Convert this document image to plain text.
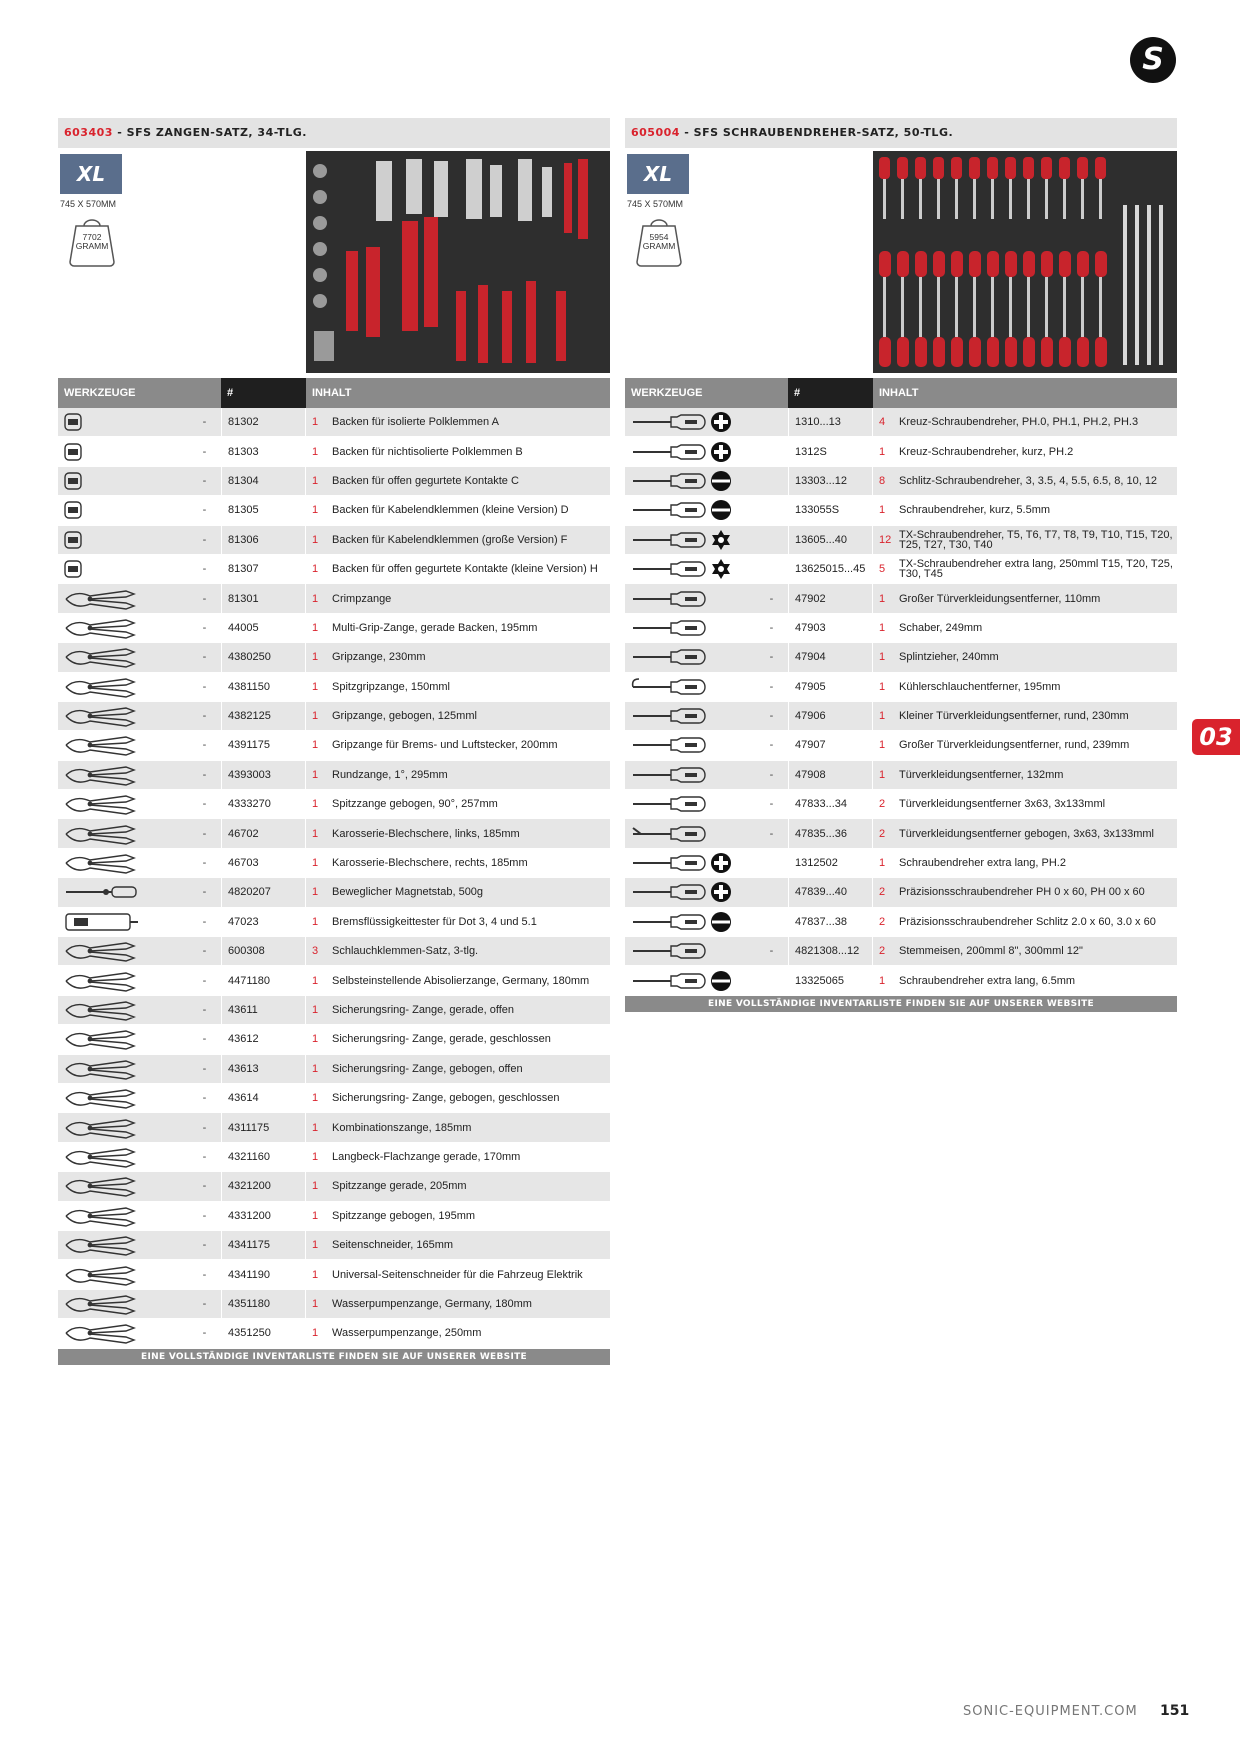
S
03
603403 - SFS ZANGEN-SATZ, 34-TLG.
XL
745 X 570MM
7702
GRAMM
WERKZEUGE	#	INHALT
-	81302	1	Backen für isolierte Polklemmen A
-	81303	1	Backen für nichtisolierte Polklemmen B
-	81304	1	Backen für offen gegurtete Kontakte C
-	81305	1	Backen für Kabelendklemmen (kleine Version) D
-	81306	1	Backen für Kabelendklemmen (große Version) F
-	81307	1	Backen für offen gegurtete Kontakte (kleine Version) H
-	81301	1	Crimpzange
-	44005	1	Multi-Grip-Zange, gerade Backen, 195mm
-	4380250	1	Gripzange, 230mm
-	4381150	1	Spitzgripzange, 150mml
-	4382125	1	Gripzange, gebogen, 125mml
-	4391175	1	Gripzange für Brems- und Luftstecker, 200mm
-	4393003	1	Rundzange, 1°, 295mm
-	4333270	1	Spitzzange gebogen, 90°, 257mm
-	46702	1	Karosserie-Blechschere, links, 185mm
-	46703	1	Karosserie-Blechschere, rechts, 185mm
-	4820207	1	Beweglicher Magnetstab, 500g
-	47023	1	Bremsflüssigkeittester für Dot 3, 4 und 5.1
-	600308	3	Schlauchklemmen-Satz, 3-tlg.
-	4471180	1	Selbsteinstellende Abisolierzange, Germany, 180mm
-	43611	1	Sicherungsring- Zange, gerade, offen
-	43612	1	Sicherungsring- Zange, gerade, geschlossen
-	43613	1	Sicherungsring- Zange, gebogen, offen
-	43614	1	Sicherungsring- Zange, gebogen, geschlossen
-	4311175	1	Kombinationszange, 185mm
-	4321160	1	Langbeck-Flachzange gerade, 170mm
-	4321200	1	Spitzzange gerade, 205mm
-	4331200	1	Spitzzange gebogen, 195mm
-	4341175	1	Seitenschneider, 165mm
-	4341190	1	Universal-Seitenschneider für die Fahrzeug Elektrik
-	4351180	1	Wasserpumpenzange, Germany, 180mm
-	4351250	1	Wasserpumpenzange, 250mm
EINE VOLLSTÄNDIGE INVENTARLISTE FINDEN SIE AUF UNSERER WEBSITE
605004 - SFS SCHRAUBENDREHER-SATZ, 50-TLG.
XL
745 X 570MM
5954
GRAMM
WERKZEUGE	#	INHALT
1310...13	4	Kreuz-Schraubendreher, PH.0, PH.1, PH.2, PH.3
1312S	1	Kreuz-Schraubendreher, kurz, PH.2
13303...12	8	Schlitz-Schraubendreher, 3, 3.5, 4, 5.5, 6.5, 8, 10, 12
133055S	1	Schraubendreher, kurz, 5.5mm
13605...40	12 TX-Schraubendreher, T5, T6, T7, T8, T9, T10, T15, T20, T25, T27, T30, T40
13625015...45	5	TX-Schraubendreher extra lang, 250mml T15, T20, T25, T30, T45
-	47902	1	Großer Türverkleidungsentferner, 110mm
-	47903	1	Schaber, 249mm
-	47904	1	Splintzieher, 240mm
-	47905	1	Kühlerschlauchentferner, 195mm
-	47906	1	Kleiner Türverkleidungsentferner, rund, 230mm
-	47907	1	Großer Türverkleidungsentferner, rund, 239mm
-	47908	1	Türverkleidungsentferner, 132mm
-	47833...34	2	Türverkleidungsentferner 3x63, 3x133mml
-	47835...36	2	Türverkleidungsentferner gebogen, 3x63, 3x133mml
1312502	1	Schraubendreher extra lang, PH.2
47839...40	2	Präzisionsschraubendreher PH 0 x 60, PH 00 x 60
47837...38	2	Präzisionsschraubendreher Schlitz 2.0 x 60, 3.0 x 60
-	4821308...12	2	Stemmeisen, 200mml 8", 300mml 12"
13325065	1	Schraubendreher extra lang, 6.5mm
EINE VOLLSTÄNDIGE INVENTARLISTE FINDEN SIE AUF UNSERER WEBSITE
SONIC-EQUIPMENT.COM 151
